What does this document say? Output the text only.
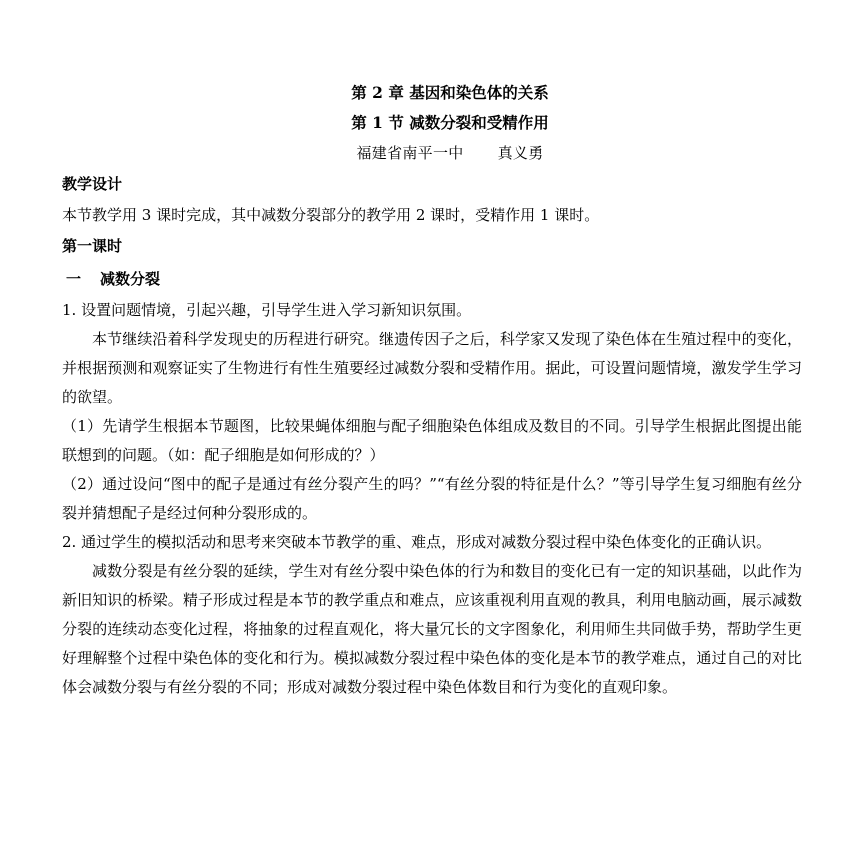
第 2 章 基因和染色体的关系
第 1 节 减数分裂和受精作用
福建省南平一中 真义勇
教学设计

本节教学用 3 课时完成，其中减数分裂部分的教学用 2 课时，受精作用 1 课时。

第一课时
一 减数分裂

1. 设置问题情境，引起兴趣，引导学生进入学习新知识氛围。

本节继续沿着科学发现史的历程进行研究。继遗传因子之后，科学家又发现了染色体在生殖过程中的变化，并根据预测和观察证实了生物进行有性生殖要经过减数分裂和受精作用。据此，可设置问题情境，激发学生学习的欲望。

（1）先请学生根据本节题图，比较果蝇体细胞与配子细胞染色体组成及数目的不同。引导学生根据此图提出能联想到的问题。（如：配子细胞是如何形成的？）

（2）通过设问“图中的配子是通过有丝分裂产生的吗？”“有丝分裂的特征是什么？”等引导学生复习细胞有丝分裂并猜想配子是经过何种分裂形成的。

2. 通过学生的模拟活动和思考来突破本节教学的重、难点，形成对减数分裂过程中染色体变化的正确认识。

减数分裂是有丝分裂的延续，学生对有丝分裂中染色体的行为和数目的变化已有一定的知识基础，以此作为新旧知识的桥梁。精子形成过程是本节的教学重点和难点，应该重视利用直观的教具，利用电脑动画，展示减数分裂的连续动态变化过程，将抽象的过程直观化，将大量冗长的文字图象化，利用师生共同做手势，帮助学生更好理解整个过程中染色体的变化和行为。模拟减数分裂过程中染色体的变化是本节的教学难点，通过自己的对比体会减数分裂与有丝分裂的不同；形成对减数分裂过程中染色体数目和行为变化的直观印象。
